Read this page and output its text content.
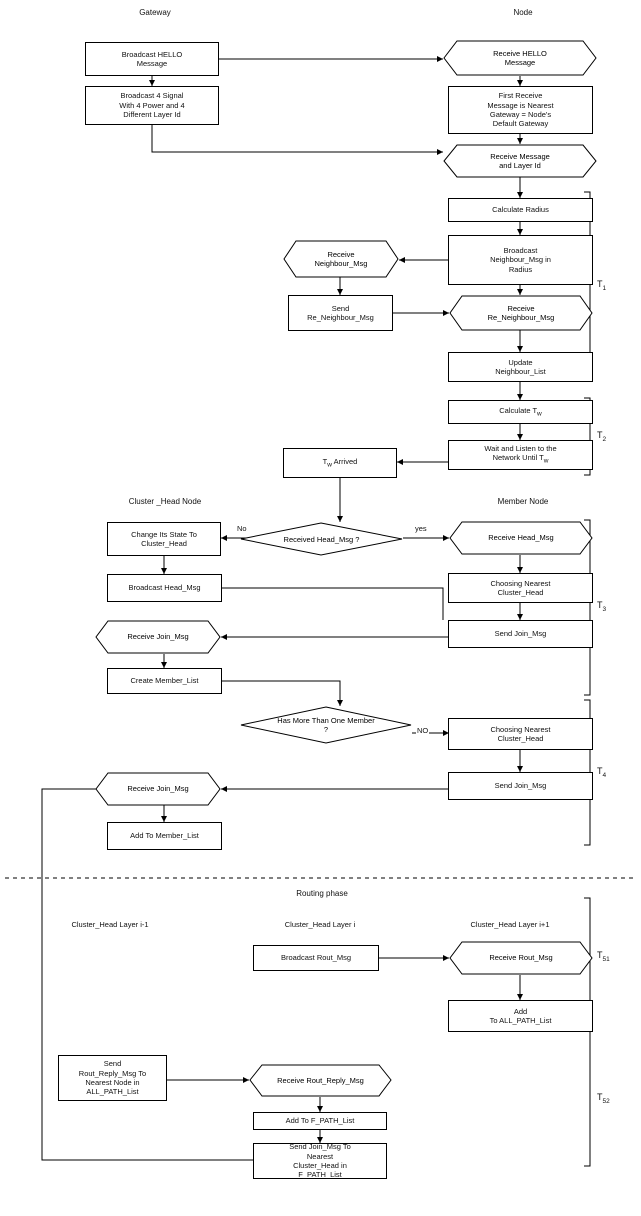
Gateway	Node
Cluster _Head Node	Member Node
Routing phase
Cluster_Head Layer i-1	Cluster_Head Layer i	Cluster_Head Layer i+1
Broadcast HELLO
Message
Receive HELLO
Message
Broadcast 4 Signal
With 4 Power and 4
Different Layer Id
First Receive
Message is Nearest
Gateway = Node's
Default Gateway
Receive Message
and Layer Id
Calculate Radius
Broadcast
Neighbour_Msg in
Radius
Receive
Neighbour_Msg
Send
Re_Neighbour_Msg
Receive
Re_Neighbour_Msg
Update
Neighbour_List
Calculate Tw
Wait and Listen to the
Network Until Tw
Tw Arrived
Received Head_Msg ?
Change Its State To
Cluster_Head
Receive Head_Msg
Broadcast Head_Msg
Choosing Nearest
Cluster_Head
Receive Join_Msg	Send Join_Msg
Create Member_List
Has More Than One Member
?	Choosing Nearest
Cluster_Head
Receive Join_Msg	Send Join_Msg
Add To Member_List
Broadcast Rout_Msg	Receive Rout_Msg
Add
To ALL_PATH_List
Send
Rout_Reply_Msg To
Nearest Node in
ALL_PATH_List
Receive Rout_Reply_Msg
Add To F_PATH_List
Send Join_Msg To
Nearest
Cluster_Head in
F_PATH_List
No	yes
NO
$T_1$
$T_2$
$T_3$
$T_4$
$T_{51}$
$T_{52}$
